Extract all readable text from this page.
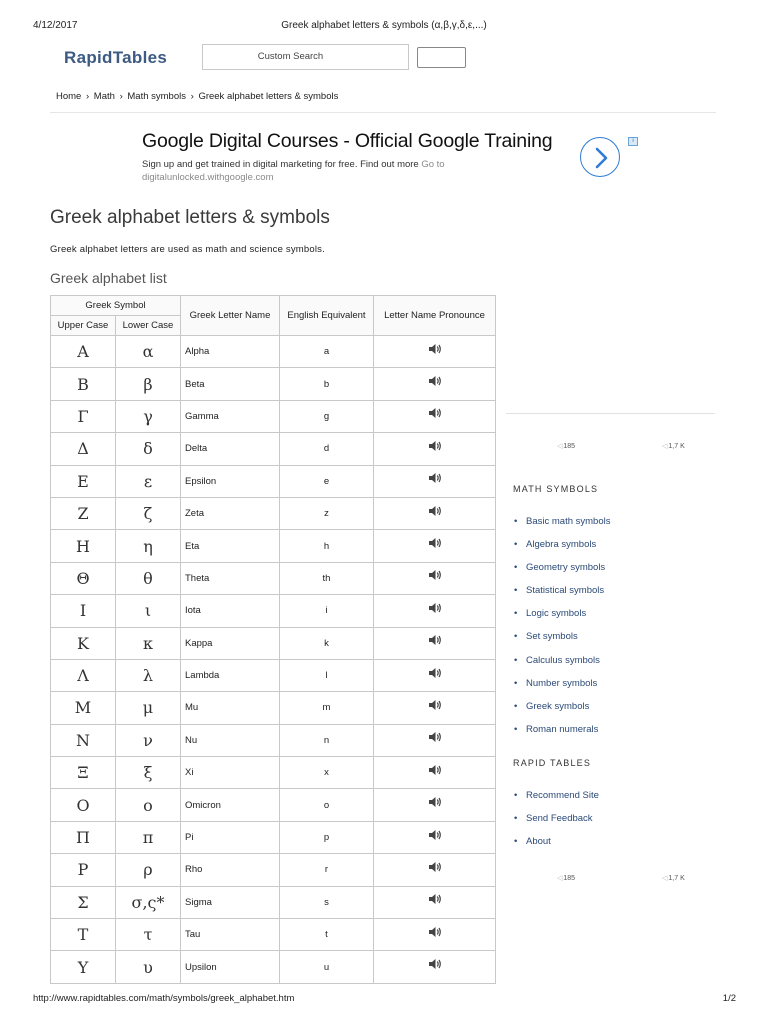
4/12/2017	Greek alphabet letters & symbols (α,β,γ,δ,ε,...)
RapidTables	Custom Search
Home › Math › Math symbols › Greek alphabet letters & symbols
Google Digital Courses - Official Google Training
Sign up and get trained in digital marketing for free. Find out more Go to digitalunlocked.withgoogle.com
i
Greek alphabet letters & symbols
Greek alphabet letters are used as math and science symbols.
Greek alphabet list
Greek Symbol		Greek Letter Name	English Equivalent	Letter Name Pronounce
Upper Case	Lower Case			
Α	α	Alpha	a	
Β	β	Beta	b	
Γ	γ	Gamma	g	
Δ	δ	Delta	d	
Ε	ε	Epsilon	e	
Ζ	ζ	Zeta	z	
Η	η	Eta	h	
Θ	θ	Theta	th	
Ι	ι	Iota	i	
Κ	κ	Kappa	k	
Λ	λ	Lambda	l	
Μ	μ	Mu	m	
Ν	ν	Nu	n	
Ξ	ξ	Xi	x	
Ο	ο	Omicron	o	
Π	π	Pi	p	
Ρ	ρ	Rho	r	
Σ	σ,ς*	Sigma	s	
Τ	τ	Tau	t	
Υ	υ	Upsilon	u	
◁185	◁1,7 K
MATH SYMBOLS
• Basic math symbols
• Algebra symbols
• Geometry symbols
• Statistical symbols
• Logic symbols
• Set symbols
• Calculus symbols
• Number symbols
• Greek symbols
• Roman numerals
RAPID TABLES
• Recommend Site
• Send Feedback
• About
◁185	◁1,7 K
http://www.rapidtables.com/math/symbols/greek_alphabet.htm	1/2
